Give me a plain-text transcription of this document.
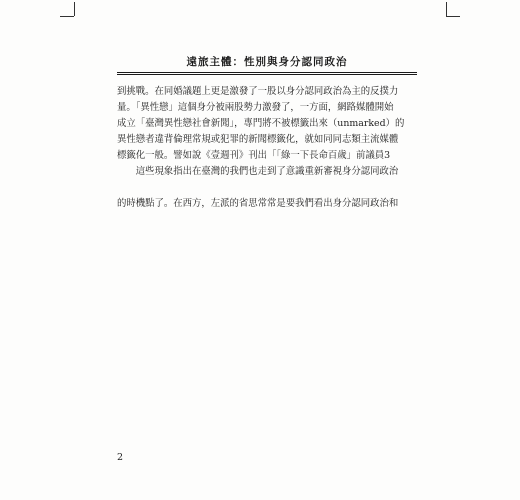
遠旅主體：性別與身分認同政治

到挑戰。在同婚議題上更是激發了一股以身分認同政治為主的反撲力

量。「異性戀」這個身分被兩股勢力激發了，一方面，網路媒體開始

成立「臺灣異性戀社會新聞」，專門將不被標籤出來（unmarked）的

異性戀者違背倫理常規或犯罪的新聞標籤化，就如同同志類主流媒體

標籤化一般。譬如說《壹週刊》刊出「「綠一下長命百歲」前議員3

這些現象指出在臺灣的我們也走到了意識重新審視身分認同政治

的時機點了。在西方，左派的省思常常是要我們看出身分認同政治和

2
